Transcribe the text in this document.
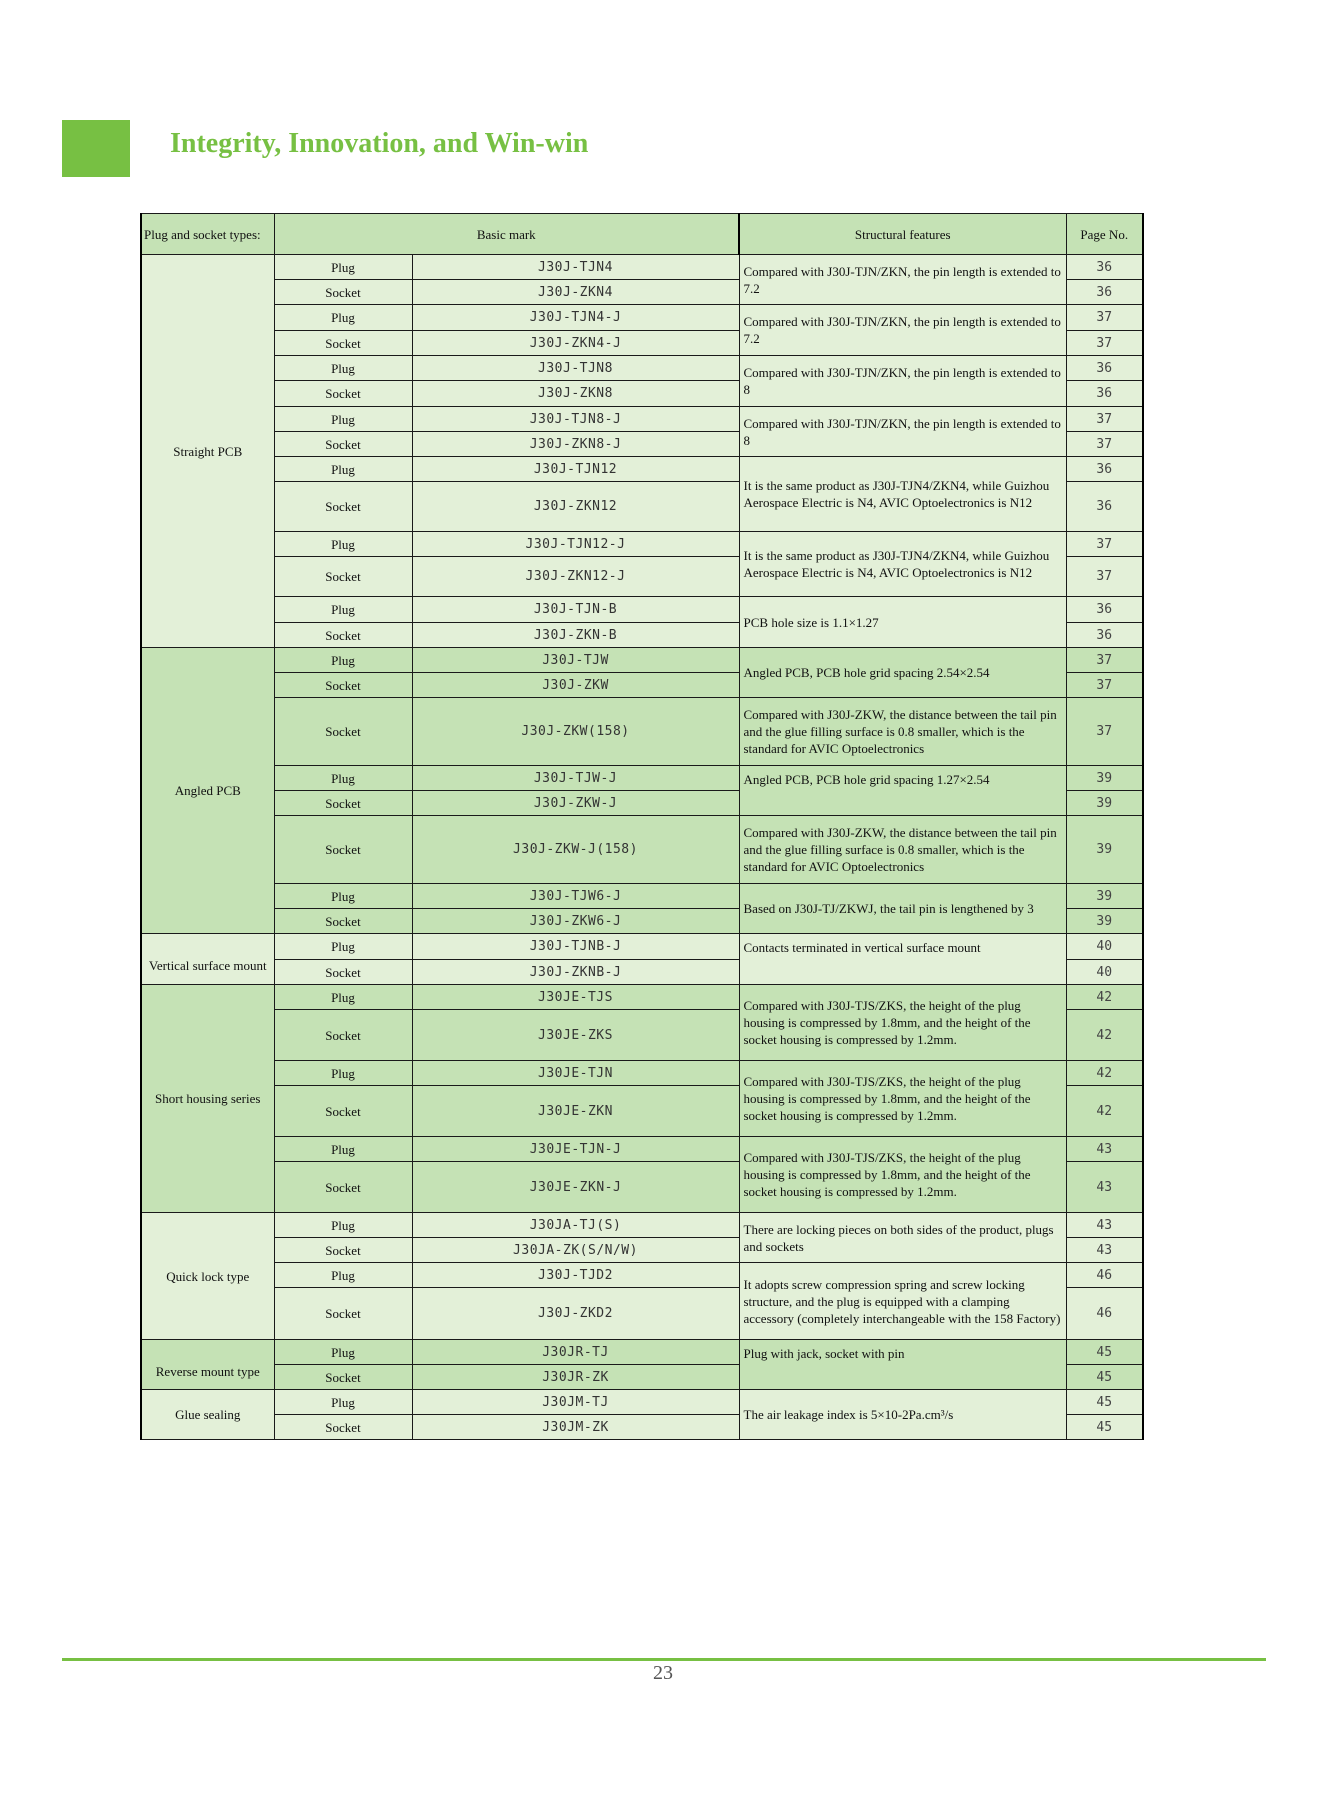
Integrity, Innovation, and Win-win
Plug and socket types:	Basic mark		Structural features	Page No.
Straight PCB	Plug	J30J-TJN4	Compared with J30J-TJN/ZKN, the pin length is extended to 7.2	36
	Socket	J30J-ZKN4		36
	Plug	J30J-TJN4-J	Compared with J30J-TJN/ZKN, the pin length is extended to 7.2	37
	Socket	J30J-ZKN4-J		37
	Plug	J30J-TJN8	Compared with J30J-TJN/ZKN, the pin length is extended to 8	36
	Socket	J30J-ZKN8		36
	Plug	J30J-TJN8-J	Compared with J30J-TJN/ZKN, the pin length is extended to 8	37
	Socket	J30J-ZKN8-J		37
	Plug	J30J-TJN12	It is the same product as J30J-TJN4/ZKN4, while Guizhou Aerospace Electric is N4, AVIC Optoelectronics is N12	36
	Socket	J30J-ZKN12		36
	Plug	J30J-TJN12-J	It is the same product as J30J-TJN4/ZKN4, while Guizhou Aerospace Electric is N4, AVIC Optoelectronics is N12	37
	Socket	J30J-ZKN12-J		37
	Plug	J30J-TJN-B	PCB hole size is 1.1×1.27	36
	Socket	J30J-ZKN-B		36
Angled PCB	Plug	J30J-TJW	Angled PCB, PCB hole grid spacing 2.54×2.54	37
	Socket	J30J-ZKW		37
	Socket	J30J-ZKW(158)	Compared with J30J-ZKW, the distance between the tail pin and the glue filling surface is 0.8 smaller, which is the standard for AVIC Optoelectronics	37
	Plug	J30J-TJW-J	Angled PCB, PCB hole grid spacing 1.27×2.54	39
	Socket	J30J-ZKW-J		39
	Socket	J30J-ZKW-J(158)	Compared with J30J-ZKW, the distance between the tail pin and the glue filling surface is 0.8 smaller, which is the standard for AVIC Optoelectronics	39
	Plug	J30J-TJW6-J	Based on J30J-TJ/ZKWJ, the tail pin is lengthened by 3	39
	Socket	J30J-ZKW6-J		39
Vertical surface mount	Plug	J30J-TJNB-J	Contacts terminated in vertical surface mount	40
	Socket	J30J-ZKNB-J		40
Short housing series	Plug	J30JE-TJS	Compared with J30J-TJS/ZKS, the height of the plug housing is compressed by 1.8mm, and the height of the socket housing is compressed by 1.2mm.	42
	Socket	J30JE-ZKS		42
	Plug	J30JE-TJN	Compared with J30J-TJS/ZKS, the height of the plug housing is compressed by 1.8mm, and the height of the socket housing is compressed by 1.2mm.	42
	Socket	J30JE-ZKN		42
	Plug	J30JE-TJN-J	Compared with J30J-TJS/ZKS, the height of the plug housing is compressed by 1.8mm, and the height of the socket housing is compressed by 1.2mm.	43
	Socket	J30JE-ZKN-J		43
Quick lock type	Plug	J30JA-TJ(S)	There are locking pieces on both sides of the product, plugs and sockets	43
	Socket	J30JA-ZK(S/N/W)		43
	Plug	J30J-TJD2	It adopts screw compression spring and screw locking structure, and the plug is equipped with a clamping accessory (completely interchangeable with the 158 Factory)	46
	Socket	J30J-ZKD2		46
Reverse mount type	Plug	J30JR-TJ	Plug with jack, socket with pin	45
	Socket	J30JR-ZK		45
Glue sealing	Plug	J30JM-TJ	The air leakage index is 5×10-2Pa.cm³/s	45
	Socket	J30JM-ZK		45
23
